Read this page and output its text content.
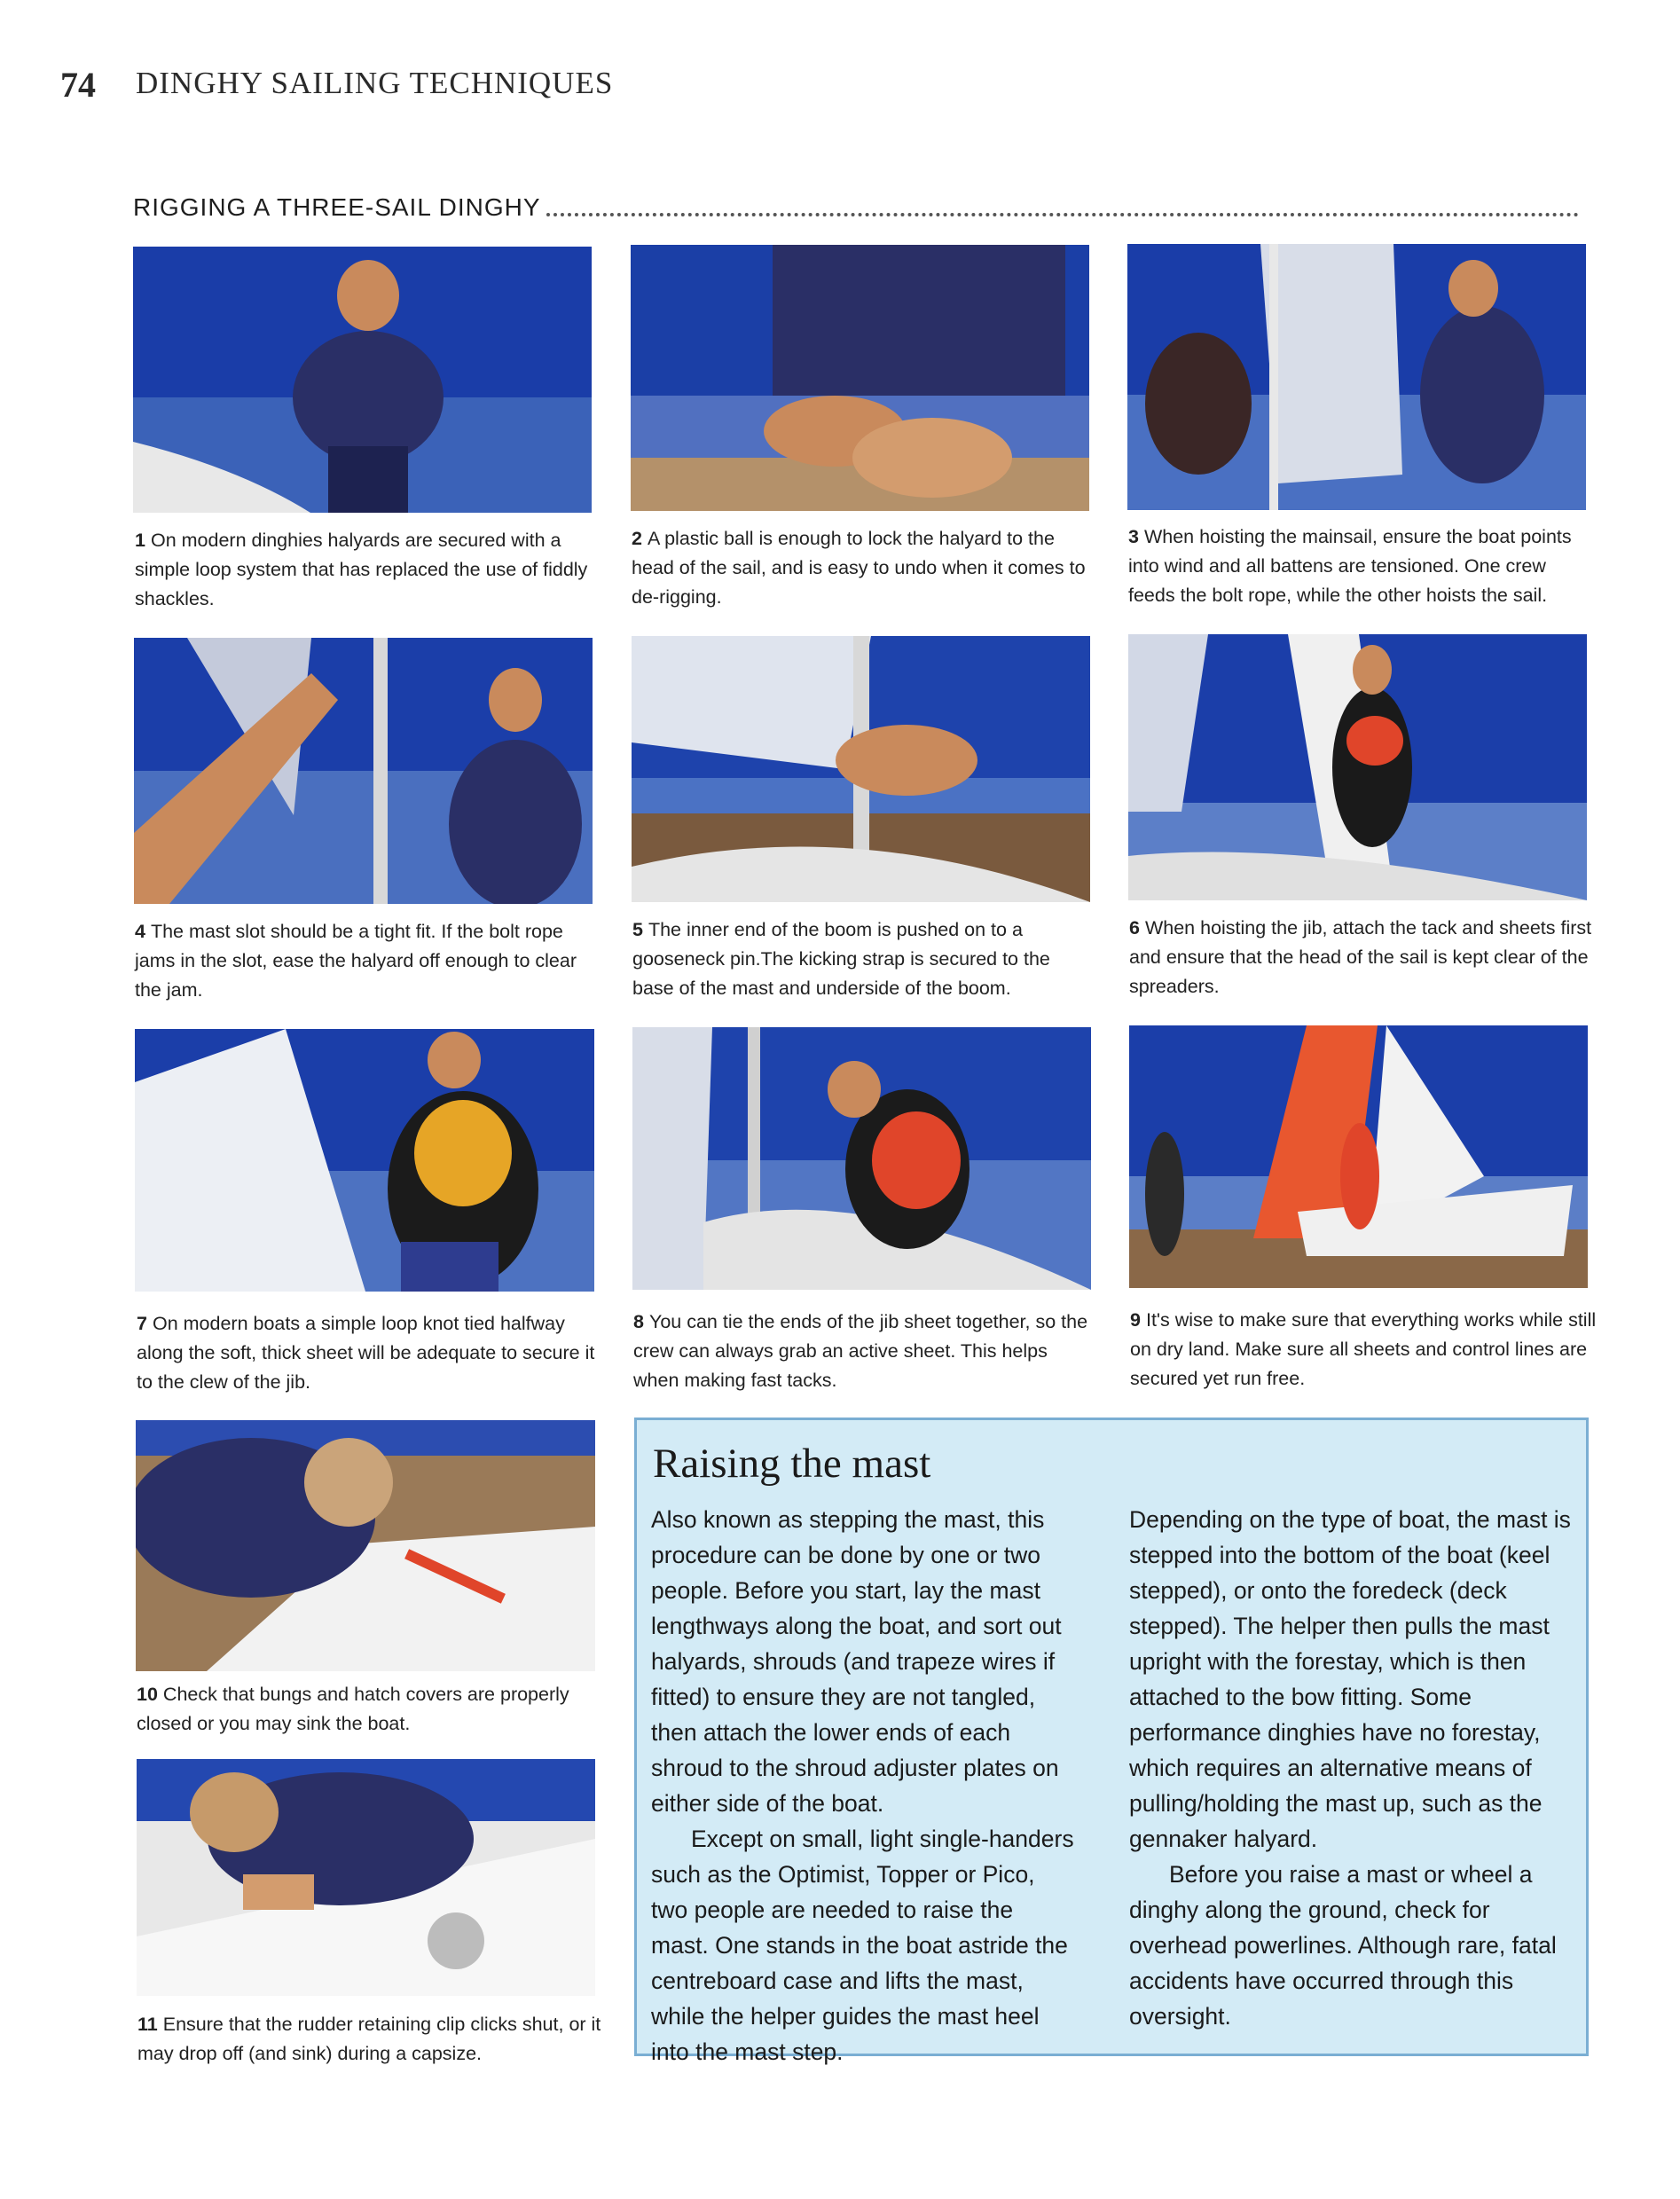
74 DINGHY SAILING TECHNIQUES
RIGGING A THREE-SAIL DINGHY
1 On modern dinghies halyards are secured with a simple loop system that has replaced the use of fiddly shackles.
2 A plastic ball is enough to lock the halyard to the head of the sail, and is easy to undo when it comes to de-rigging.
3 When hoisting the mainsail, ensure the boat points into wind and all battens are tensioned. One crew feeds the bolt rope, while the other hoists the sail.
4 The mast slot should be a tight fit. If the bolt rope jams in the slot, ease the halyard off enough to clear the jam.
5 The inner end of the boom is pushed on to a gooseneck pin.The kicking strap is secured to the base of the mast and underside of the boom.
6 When hoisting the jib, attach the tack and sheets first and ensure that the head of the sail is kept clear of the spreaders.
7 On modern boats a simple loop knot tied halfway along the soft, thick sheet will be adequate to secure it to the clew of the jib.
8 You can tie the ends of the jib sheet together, so the crew can always grab an active sheet. This helps when making fast tacks.
9 It's wise to make sure that everything works while still on dry land. Make sure all sheets and control lines are secured yet run free.
10 Check that bungs and hatch covers are properly closed or you may sink the boat.
11 Ensure that the rudder retaining clip clicks shut, or it may drop off (and sink) during a capsize.
Raising the mast

Also known as stepping the mast, this procedure can be done by one or two people. Before you start, lay the mast lengthways along the boat, and sort out halyards, shrouds (and trapeze wires if fitted) to ensure they are not tangled, then attach the lower ends of each shroud to the shroud adjuster plates on either side of the boat.

Except on small, light single-handers such as the Optimist, Topper or Pico, two people are needed to raise the mast. One stands in the boat astride the centreboard case and lifts the mast, while the helper guides the mast heel into the mast step.

Depending on the type of boat, the mast is stepped into the bottom of the boat (keel stepped), or onto the foredeck (deck stepped). The helper then pulls the mast upright with the forestay, which is then attached to the bow fitting. Some performance dinghies have no forestay, which requires an alternative means of pulling/holding the mast up, such as the gennaker halyard.

Before you raise a mast or wheel a dinghy along the ground, check for overhead powerlines. Although rare, fatal accidents have occurred through this oversight.
